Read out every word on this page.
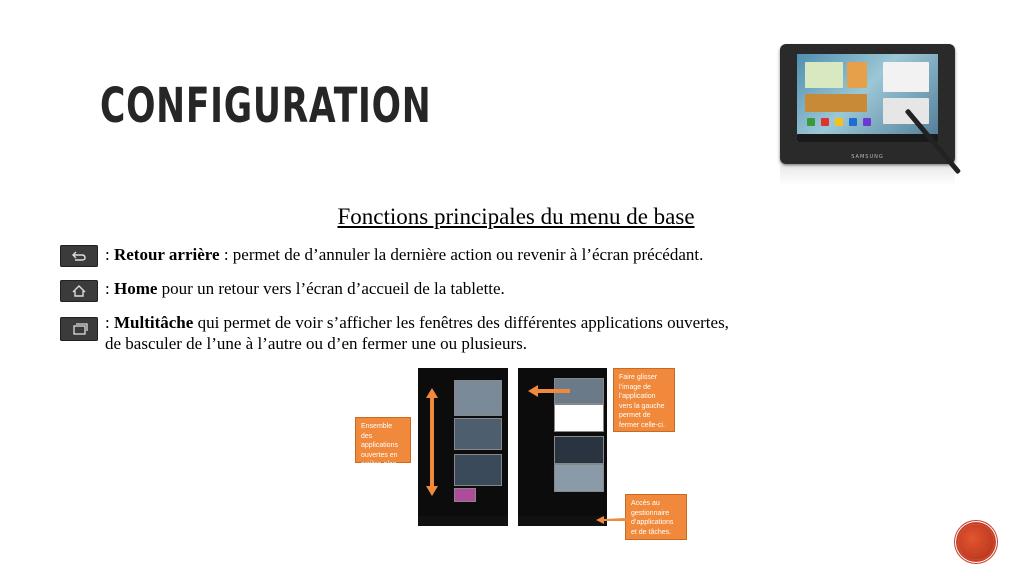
CONFIGURATION
SAMSUNG
Fonctions principales du menu de base
: Retour arrière : permet de d’annuler la dernière action ou revenir à l’écran précédant.
: Home pour un retour vers l’écran d’accueil de la tablette.
: Multitâche qui permet de voir s’afficher les fenêtres des différentes applications ouvertes,
de basculer de l’une à l’autre ou d’en fermer une ou plusieurs.
Ensemble des applications ouvertes en arrière-plan.
Faire glisser l’image de l’application vers la gauche permet de fermer celle-ci.
Accès au gestionnaire d’applications et de tâches.
